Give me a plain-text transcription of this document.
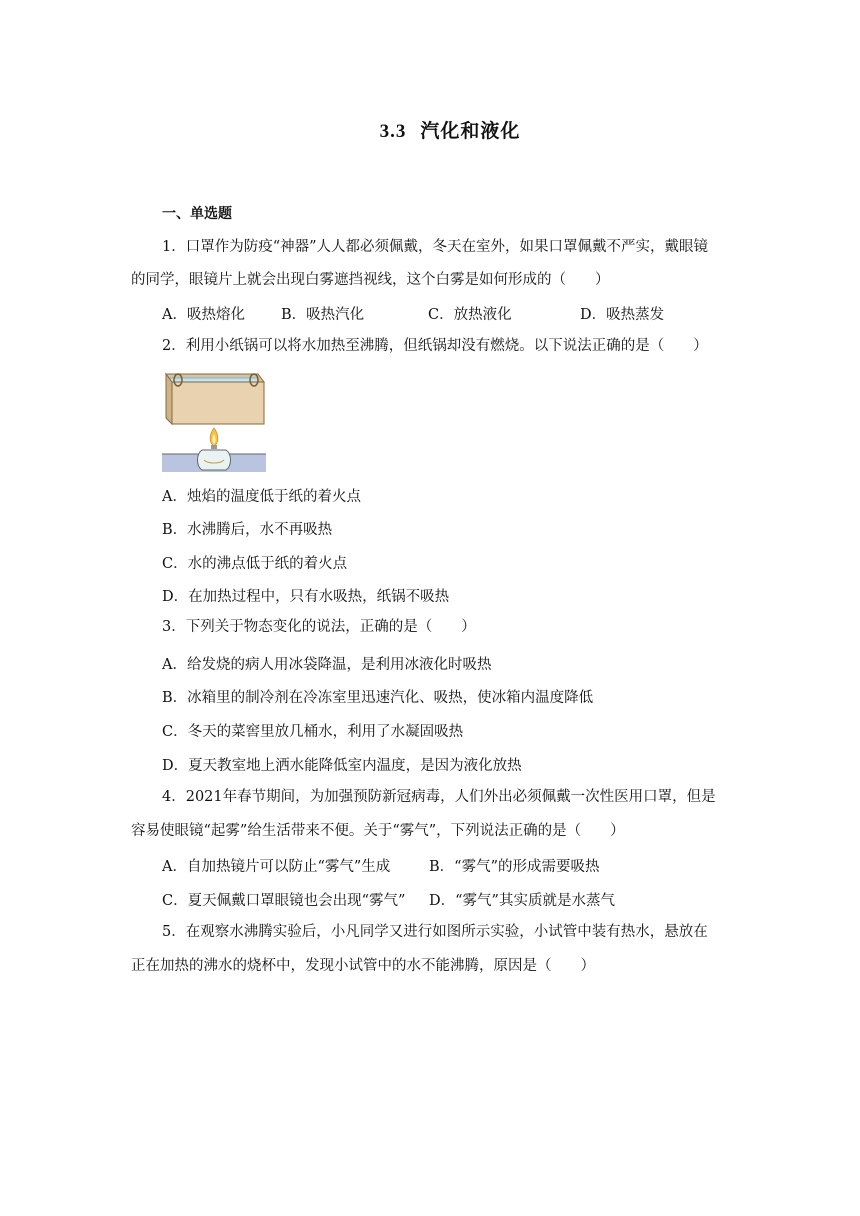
3.3 汽化和液化
一、单选题
1．口罩作为防疫“神器”人人都必须佩戴，冬天在室外，如果口罩佩戴不严实，戴眼镜
的同学，眼镜片上就会出现白雾遮挡视线，这个白雾是如何形成的（　　）
A．吸热熔化 B．吸热汽化	C．放热液化	D．吸热蒸发
2．利用小纸锅可以将水加热至沸腾，但纸锅却没有燃烧。以下说法正确的是（　　）
A．烛焰的温度低于纸的着火点
B．水沸腾后，水不再吸热
C．水的沸点低于纸的着火点
D．在加热过程中，只有水吸热，纸锅不吸热
3．下列关于物态变化的说法，正确的是（　　）
A．给发烧的病人用冰袋降温，是利用冰液化时吸热
B．冰箱里的制冷剂在冷冻室里迅速汽化、吸热，使冰箱内温度降低
C．冬天的菜窖里放几桶水，利用了水凝固吸热
D．夏天教室地上洒水能降低室内温度，是因为液化放热
4．2021年春节期间，为加强预防新冠病毒，人们外出必须佩戴一次性医用口罩，但是
容易使眼镜“起雾”给生活带来不便。关于“雾气”，下列说法正确的是（　　）
A．自加热镜片可以防止“雾气”生成	B．“雾气”的形成需要吸热
C．夏天佩戴口罩眼镜也会出现“雾气” D．“雾气”其实质就是水蒸气
5．在观察水沸腾实验后，小凡同学又进行如图所示实验，小试管中装有热水，悬放在
正在加热的沸水的烧杯中，发现小试管中的水不能沸腾，原因是（　　）
